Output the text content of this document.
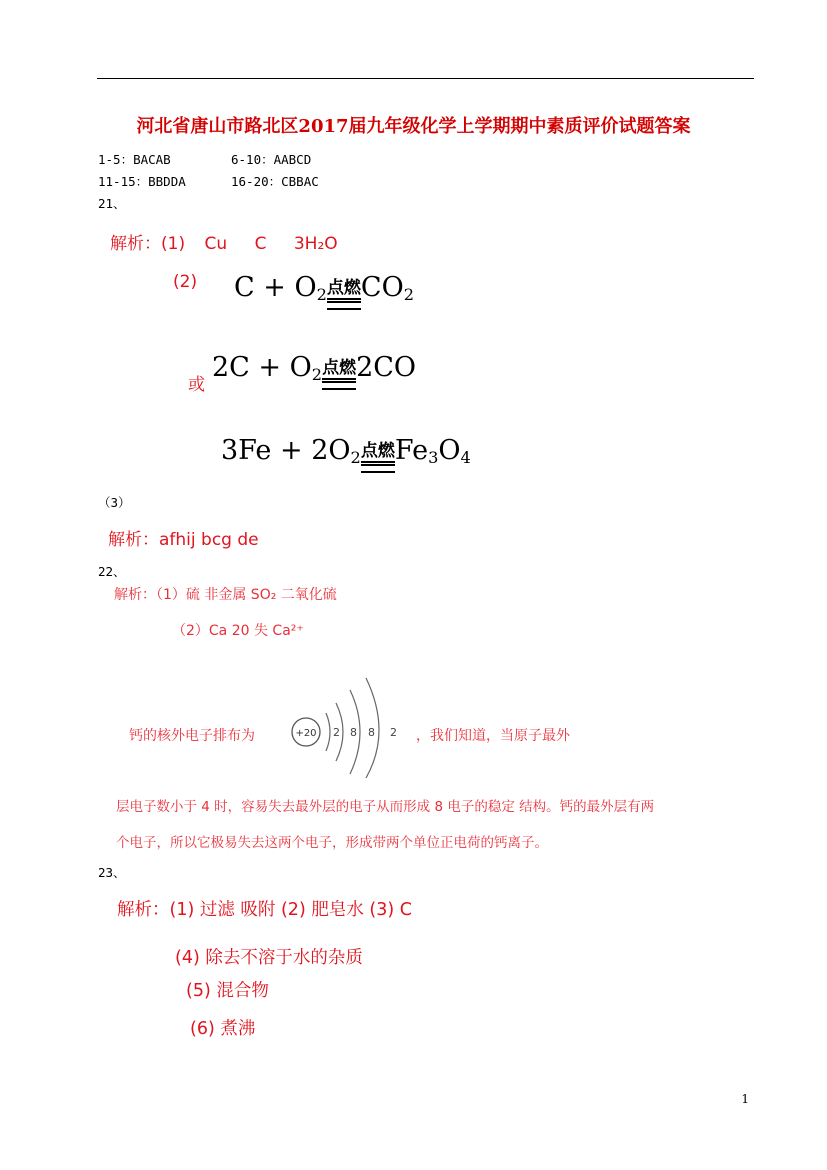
河北省唐山市路北区2017届九年级化学上学期期中素质评价试题答案
1-5：BACAB	6-10：AABCD
11-15：BBDDA	16-20：CBBAC
21、
解析：(1) Cu C 3H₂O
(2) $C + O_2$点燃
$CO_2$
或
$2C + O_2$点燃
2CO
$3Fe + 2O_2$点燃
$Fe_3O_4$
（3）
解析：afhij bcg de
22、
解析：（1）硫 非金属 SO₂ 二氧化硫
（2）Ca 20 失 Ca²⁺
钙的核外电子排布为	+20 2 8 8 2 ，我们知道，当原子最外
层电子数小于 4 时，容易失去最外层的电子从而形成 8 电子的稳定 结构。钙的最外层有两
个电子，所以它极易失去这两个电子，形成带两个单位正电荷的钙离子。
23、
解析：(1) 过滤 吸附 (2) 肥皂水 (3) C
(4) 除去不溶于水的杂质
(5) 混合物
(6) 煮沸
1
